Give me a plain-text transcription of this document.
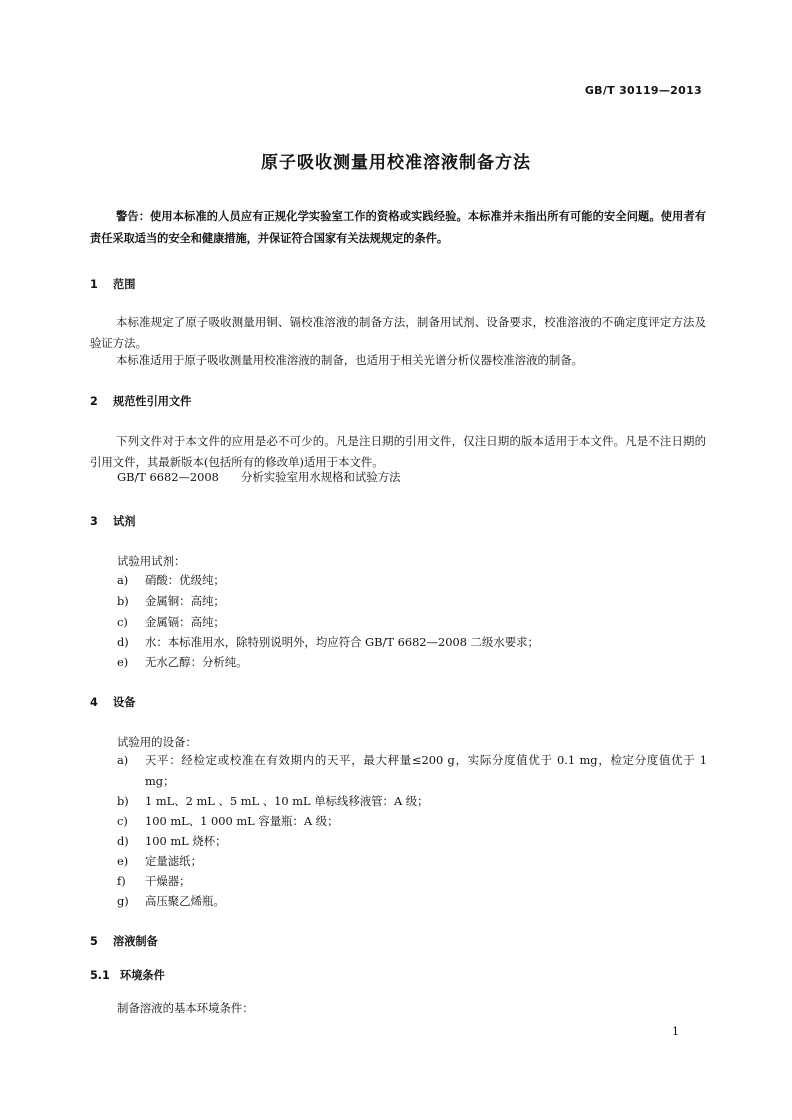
GB/T 30119—2013
原子吸收测量用校准溶液制备方法
警告：使用本标准的人员应有正规化学实验室工作的资格或实践经验。本标准并未指出所有可能的安全问题。使用者有责任采取适当的安全和健康措施，并保证符合国家有关法规规定的条件。
1 范围
本标准规定了原子吸收测量用铜、镉校准溶液的制备方法，制备用试剂、设备要求，校准溶液的不确定度评定方法及验证方法。
本标准适用于原子吸收测量用校准溶液的制备，也适用于相关光谱分析仪器校准溶液的制备。
2 规范性引用文件
下列文件对于本文件的应用是必不可少的。凡是注日期的引用文件，仅注日期的版本适用于本文件。凡是不注日期的引用文件，其最新版本(包括所有的修改单)适用于本文件。
GB/T 6682—2008 分析实验室用水规格和试验方法
3 试剂
试验用试剂：
a)	硝酸：优级纯；
b)	金属铜：高纯；
c)	金属镉：高纯；
d)	水：本标准用水，除特别说明外，均应符合 GB/T 6682—2008 二级水要求；
e)	无水乙醇：分析纯。
4 设备
试验用的设备：
a)	天平：经检定或校准在有效期内的天平，最大秤量≤200 g，实际分度值优于 0.1 mg，检定分度值优于 1 mg；
b)	1 mL、2 mL 、5 mL 、10 mL 单标线移液管：A 级；
c)	100 mL、1 000 mL 容量瓶：A 级；
d)	100 mL 烧杯；
e)	定量滤纸；
f)	干燥器；
g)	高压聚乙烯瓶。
5 溶液制备
5.1 环境条件
制备溶液的基本环境条件：
1
